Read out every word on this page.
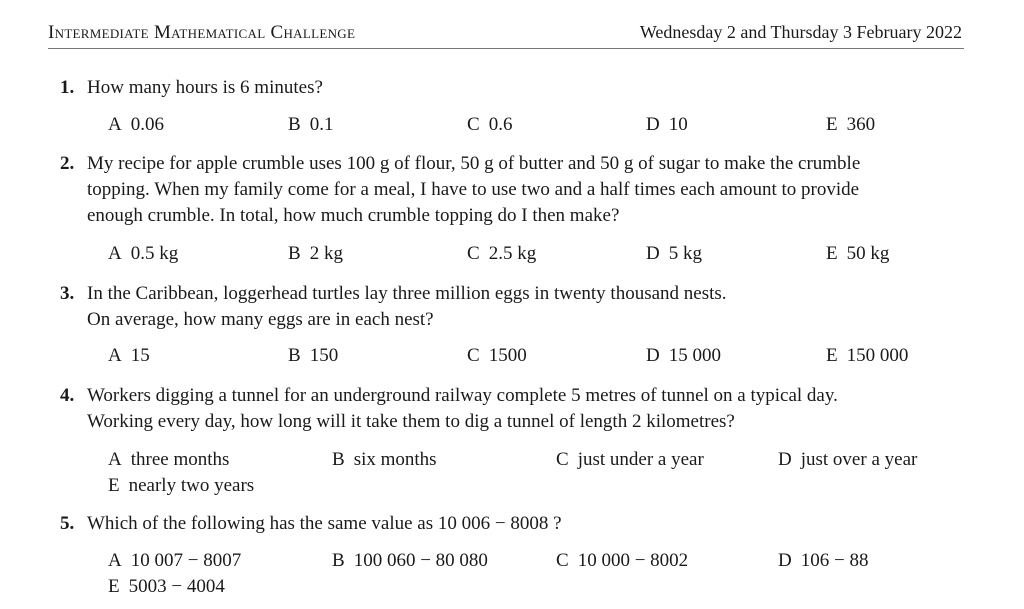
Intermediate Mathematical Challenge	Wednesday 2 and Thursday 3 February 2022
1. How many hours is 6 minutes?
A 0.06	B 0.1	C 0.6	D 10	E 360
2. My recipe for apple crumble uses 100 g of flour, 50 g of butter and 50 g of sugar to make the crumble
topping. When my family come for a meal, I have to use two and a half times each amount to provide
enough crumble. In total, how much crumble topping do I then make?
A 0.5 kg	B 2 kg	C 2.5 kg	D 5 kg	E 50 kg
3. In the Caribbean, loggerhead turtles lay three million eggs in twenty thousand nests.
On average, how many eggs are in each nest?
A 15	B 150	C 1500	D 15 000	E 150 000
4. Workers digging a tunnel for an underground railway complete 5 metres of tunnel on a typical day.
Working every day, how long will it take them to dig a tunnel of length 2 kilometres?
A three months	B six months	C just under a year	D just over a year
E nearly two years
5. Which of the following has the same value as 10 006 − 8008 ?
A 10 007 − 8007	B 100 060 − 80 080	C 10 000 − 8002	D 106 − 88
E 5003 − 4004
